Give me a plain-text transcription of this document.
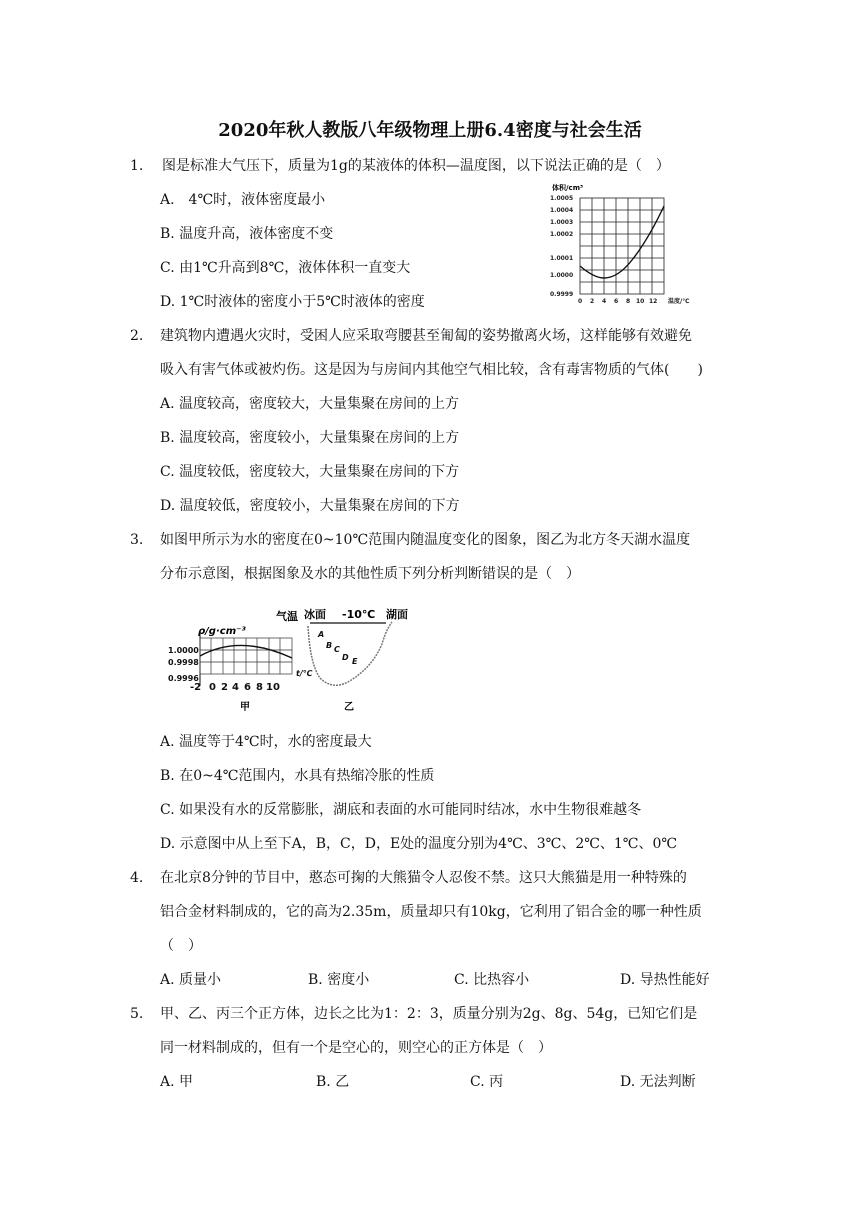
2020年秋人教版八年级物理上册6.4密度与社会生活
1.	图是标准大气压下，质量为1g的某液体的体积—温度图，以下说法正确的是（　）
A.　4℃时，液体密度最小
B. 温度升高，液体密度不变
C. 由1℃升高到8℃，液体体积一直变大
D. 1℃时液体的密度小于5℃时液体的密度
体积/cm³
1.0005
1.0004
1.0003
1.0002
1.0001
1.0000
0.9999
0 2 4 6 8 10 12 温度/℃
2.	建筑物内遭遇火灾时，受困人应采取弯腰甚至匍匐的姿势撤离火场，这样能够有效避免
吸入有害气体或被灼伤。这是因为与房间内其他空气相比较，含有毒害物质的气体(　　)
A. 温度较高，密度较大，大量集聚在房间的上方
B. 温度较高，密度较小，大量集聚在房间的上方
C. 温度较低，密度较大，大量集聚在房间的下方
D. 温度较低，密度较小，大量集聚在房间的下方
3.	如图甲所示为水的密度在0~10℃范围内随温度变化的图象，图乙为北方冬天湖水温度
分布示意图，根据图象及水的其他性质下列分析判断错误的是（　）
ρ/g·cm⁻³
1.0000
0.9998
0.9996
t/℃
-2 0 2 4 6 8 10
甲
气温 冰面 -10℃ 湖面
A
B C
D E
乙
A. 温度等于4℃时，水的密度最大
B. 在0~4℃范围内，水具有热缩冷胀的性质
C. 如果没有水的反常膨胀，湖底和表面的水可能同时结冰，水中生物很难越冬
D. 示意图中从上至下A，B，C，D，E处的温度分别为4℃、3℃、2℃、1℃、0℃
4.	在北京8分钟的节目中，憨态可掬的大熊猫令人忍俊不禁。这只大熊猫是用一种特殊的
铝合金材料制成的，它的高为2.35m，质量却只有10kg，它利用了铝合金的哪一种性质
（　）
A. 质量小	B. 密度小	C. 比热容小	D. 导热性能好
5.	甲、乙、丙三个正方体，边长之比为1：2：3，质量分别为2g、8g、54g，已知它们是
同一材料制成的，但有一个是空心的，则空心的正方体是（　）
A. 甲	B. 乙	C. 丙	D. 无法判断
